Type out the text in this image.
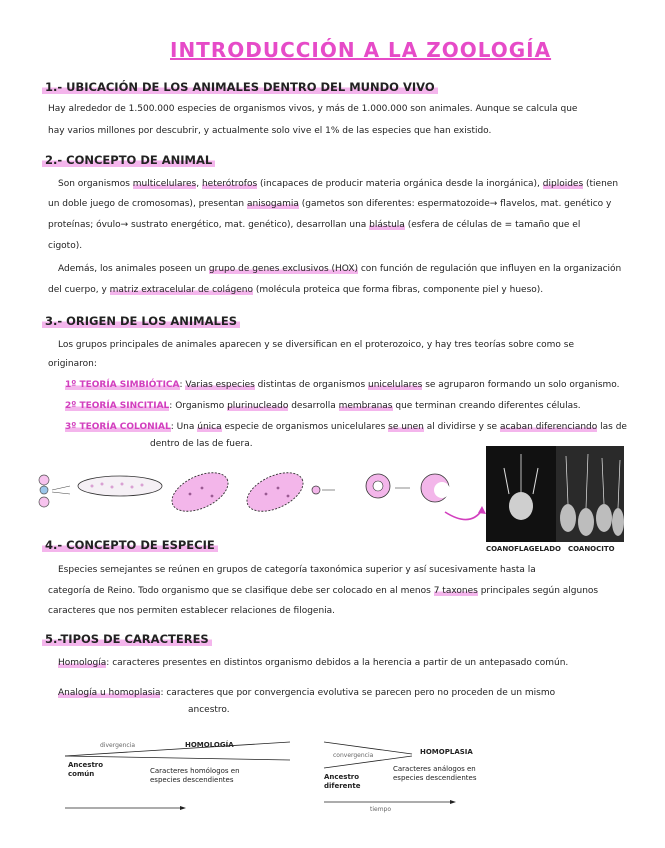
INTRODUCCIÓN A LA ZOOLOGÍA
1.- UBICACIÓN DE LOS ANIMALES DENTRO DEL MUNDO VIVO
Hay alrededor de 1.500.000 especies de organismos vivos, y más de 1.000.000 son animales. Aunque se calcula que
hay varios millones por descubrir, y actualmente solo vive el 1% de las especies que han existido.
2.- CONCEPTO DE ANIMAL
Son organismos multicelulares, heterótrofos (incapaces de producir materia orgánica desde la inorgánica), diploides (tienen
un doble juego de cromosomas), presentan anisogamia (gametos son diferentes: espermatozoide→ flavelos, mat. genético y
proteínas; óvulo→ sustrato energético, mat. genético), desarrollan una blástula (esfera de células de = tamaño que el
cigoto).
Además, los animales poseen un grupo de genes exclusivos (HOX) con función de regulación que influyen en la organización
del cuerpo, y matriz extracelular de colágeno (molécula proteica que forma fibras, componente piel y hueso).
3.- ORIGEN DE LOS ANIMALES
Los grupos principales de animales aparecen y se diversifican en el proterozoico, y hay tres teorías sobre como se
originaron:
1º TEORÍA SIMBIÓTICA: Varias especies distintas de organismos unicelulares se agruparon formando un solo organismo.
2º TEORÍA SINCITIAL: Organismo plurinucleado desarrolla membranas que terminan creando diferentes células.
3º TEORÍA COLONIAL: Una única especie de organismos unicelulares se unen al dividirse y se acaban diferenciando las de
dentro de las de fuera.
COANOFLAGELADO COANOCITO
4.- CONCEPTO DE ESPECIE
Especies semejantes se reúnen en grupos de categoría taxonómica superior y así sucesivamente hasta la
categoría de Reino. Todo organismo que se clasifique debe ser colocado en al menos 7 taxones principales según algunos
caracteres que nos permiten establecer relaciones de filogenia.
5.-TIPOS DE CARACTERES
Homología: caracteres presentes en distintos organismo debidos a la herencia a partir de un antepasado común.
Analogía u homoplasia: caracteres que por convergencia evolutiva se parecen pero no proceden de un mismo
ancestro.
divergencia	HOMOLOGÍA
Ancestro
común	Caracteres homólogos en
especies descendientes
convergencia	HOMOPLASIA
Ancestro
diferente
Caracteres análogos en
especies descendientes
tiempo
